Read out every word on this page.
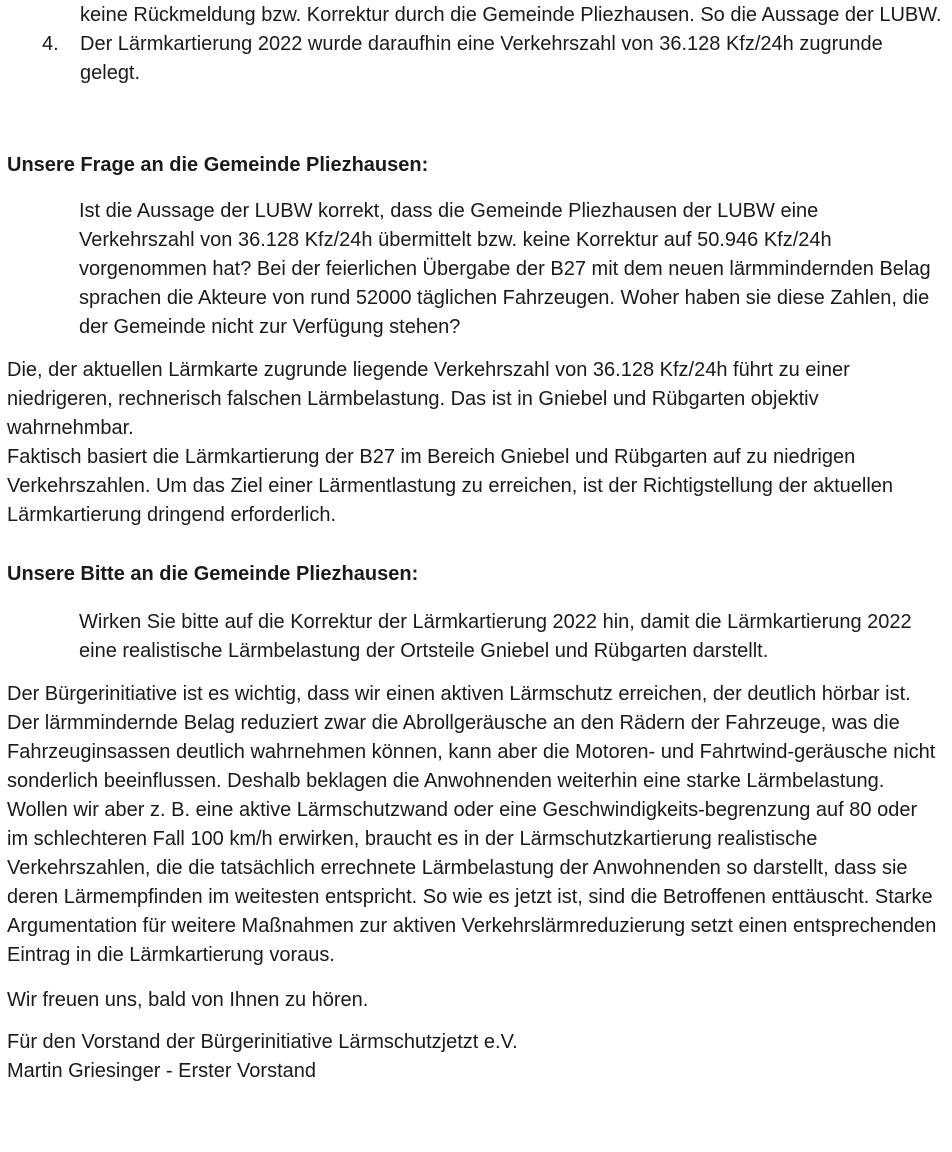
keine Rückmeldung bzw. Korrektur durch die Gemeinde Pliezhausen. So die Aussage der LUBW.
4.	Der Lärmkartierung 2022 wurde daraufhin eine Verkehrszahl von 36.128 Kfz/24h zugrunde gelegt.

Unsere Frage an die Gemeinde Pliezhausen:

Ist die Aussage der LUBW korrekt, dass die Gemeinde Pliezhausen der LUBW eine Verkehrszahl von 36.128 Kfz/24h übermittelt bzw. keine Korrektur auf 50.946 Kfz/24h vorgenommen hat? Bei der feierlichen Übergabe der B27 mit dem neuen lärmmindernden Belag sprachen die Akteure von rund 52000 täglichen Fahrzeugen. Woher haben sie diese Zahlen, die der Gemeinde nicht zur Verfügung stehen?

Die, der aktuellen Lärmkarte zugrunde liegende Verkehrszahl von 36.128 Kfz/24h führt zu einer niedrigeren, rechnerisch falschen Lärmbelastung. Das ist in Gniebel und Rübgarten objektiv wahrnehmbar.

Faktisch basiert die Lärmkartierung der B27 im Bereich Gniebel und Rübgarten auf zu niedrigen Verkehrszahlen. Um das Ziel einer Lärmentlastung zu erreichen, ist der Richtigstellung der aktuellen Lärmkartierung dringend erforderlich.

Unsere Bitte an die Gemeinde Pliezhausen:

Wirken Sie bitte auf die Korrektur der Lärmkartierung 2022 hin, damit die Lärmkartierung 2022 eine realistische Lärmbelastung der Ortsteile Gniebel und Rübgarten darstellt.

Der Bürgerinitiative ist es wichtig, dass wir einen aktiven Lärmschutz erreichen, der deutlich hörbar ist. Der lärmmindernde Belag reduziert zwar die Abrollgeräusche an den Rädern der Fahrzeuge, was die Fahrzeuginsassen deutlich wahrnehmen können, kann aber die Motoren- und Fahrtwind-geräusche nicht sonderlich beeinflussen. Deshalb beklagen die Anwohnenden weiterhin eine starke Lärmbelastung. Wollen wir aber z. B. eine aktive Lärmschutzwand oder eine Geschwindigkeits-begrenzung auf 80 oder im schlechteren Fall 100 km/h erwirken, braucht es in der Lärmschutzkartierung realistische Verkehrszahlen, die die tatsächlich errechnete Lärmbelastung der Anwohnenden so darstellt, dass sie deren Lärmempfinden im weitesten entspricht. So wie es jetzt ist, sind die Betroffenen enttäuscht. Starke Argumentation für weitere Maßnahmen zur aktiven Verkehrslärmreduzierung setzt einen entsprechenden Eintrag in die Lärmkartierung voraus.

Wir freuen uns, bald von Ihnen zu hören.

Für den Vorstand der Bürgerinitiative Lärmschutzjetzt e.V.

Martin Griesinger - Erster Vorstand
